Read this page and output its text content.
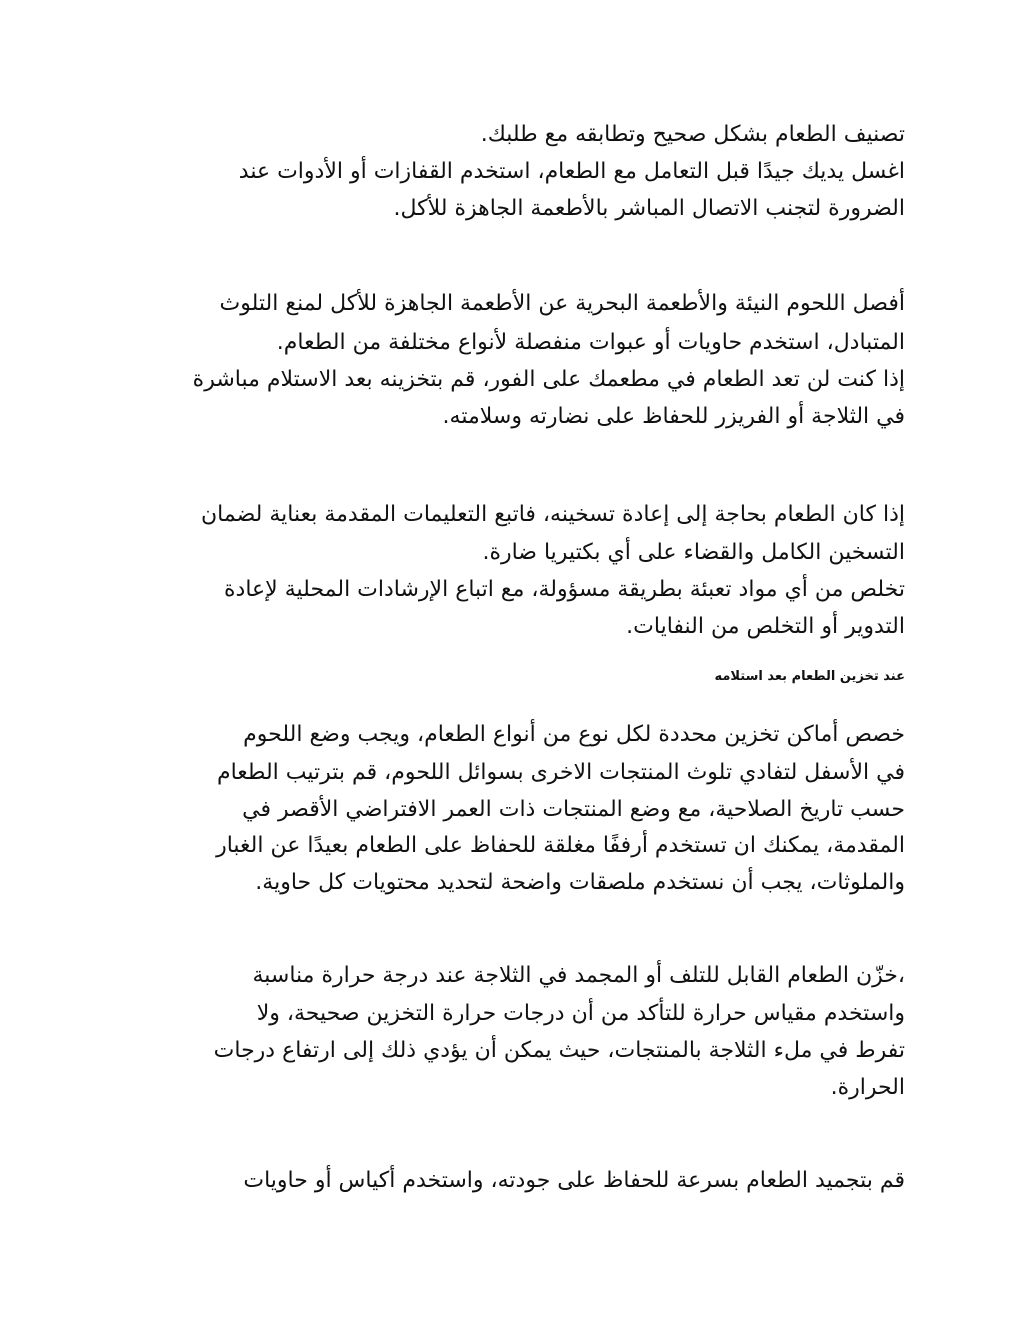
.تصنيف الطعام بشكل صحيح وتطابقه مع طلبك
اغسل يديك جيدًا قبل التعامل مع الطعام، استخدم القفازات أو الأدوات عند
.الضرورة لتجنب الاتصال المباشر بالأطعمة الجاهزة للأكل
أفصل اللحوم النيئة والأطعمة البحرية عن الأطعمة الجاهزة للأكل لمنع التلوث
.المتبادل، استخدم حاويات أو عبوات منفصلة لأنواع مختلفة من الطعام
إذا كنت لن تعد الطعام في مطعمك على الفور، قم بتخزينه بعد الاستلام مباشرة
.في الثلاجة أو الفريزر للحفاظ على نضارته وسلامته
إذا كان الطعام بحاجة إلى إعادة تسخينه، فاتبع التعليمات المقدمة بعناية لضمان
.التسخين الكامل والقضاء على أي بكتيريا ضارة
تخلص من أي مواد تعبئة بطريقة مسؤولة، مع اتباع الإرشادات المحلية لإعادة
.التدوير أو التخلص من النفايات
عند تخزين الطعام بعد استلامه
خصص أماكن تخزين محددة لكل نوع من أنواع الطعام، ويجب وضع اللحوم
في الأسفل لتفادي تلوث المنتجات الاخرى بسوائل اللحوم، قم بترتيب الطعام
حسب تاريخ الصلاحية، مع وضع المنتجات ذات العمر الافتراضي الأقصر في
المقدمة، يمكنك ان تستخدم أرففًا مغلقة للحفاظ على الطعام بعيدًا عن الغبار
.والملوثات، يجب أن نستخدم ملصقات واضحة لتحديد محتويات كل حاوية
خزّن الطعام القابل للتلف أو المجمد في الثلاجة عند درجة حرارة مناسبة،
واستخدم مقياس حرارة للتأكد من أن درجات حرارة التخزين صحيحة، ولا
تفرط في ملء الثلاجة بالمنتجات، حيث يمكن أن يؤدي ذلك إلى ارتفاع درجات
.الحرارة
قم بتجميد الطعام بسرعة للحفاظ على جودته، واستخدم أكياس أو حاويات
